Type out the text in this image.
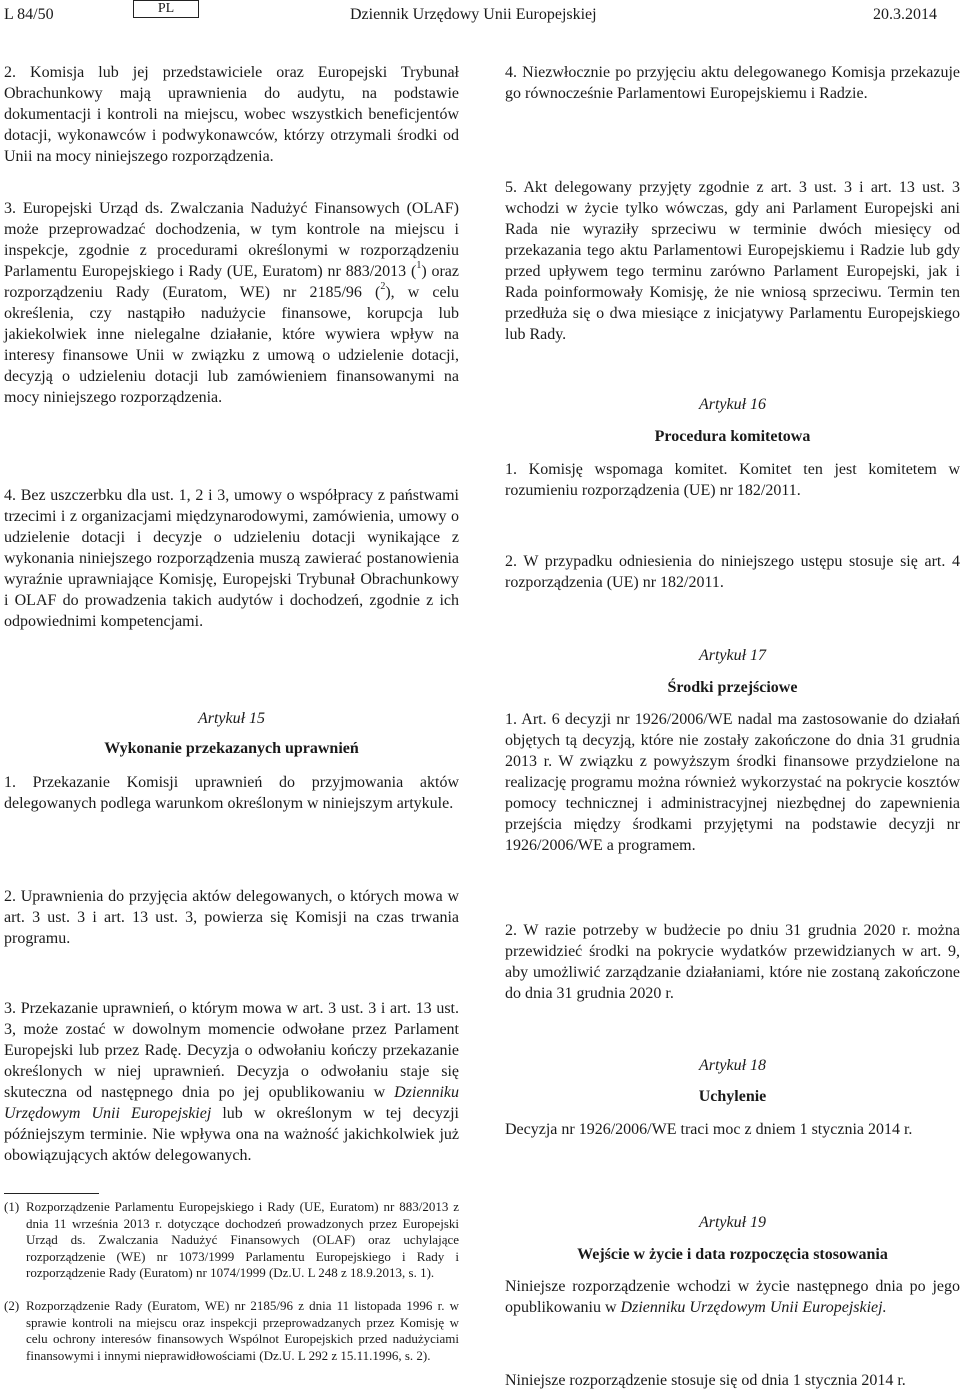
L 84/50	PL	Dziennik Urzędowy Unii Europejskiej	20.3.2014

2. Komisja lub jej przedstawiciele oraz Europejski Trybunał Obrachunkowy mają uprawnienia do audytu, na podstawie dokumentacji i kontroli na miejscu, wobec wszystkich beneficjentów dotacji, wykonawców i podwykonawców, którzy otrzymali środki od Unii na mocy niniejszego rozporządzenia.

3. Europejski Urząd ds. Zwalczania Nadużyć Finansowych (OLAF) może przeprowadzać dochodzenia, w tym kontrole na miejscu i inspekcje, zgodnie z procedurami określonymi w rozporządzeniu Parlamentu Europejskiego i Rady (UE, Euratom) nr 883/2013 ($^1$) oraz rozporządzeniu Rady (Euratom, WE) nr 2185/96 ($^2$), w celu określenia, czy nastąpiło nadużycie finansowe, korupcja lub jakiekolwiek inne nielegalne działanie, które wywiera wpływ na interesy finansowe Unii w związku z umową o udzielenie dotacji, decyzją o udzieleniu dotacji lub zamówieniem finansowanymi na mocy niniejszego rozporządzenia.

4. Bez uszczerbku dla ust. 1, 2 i 3, umowy o współpracy z państwami trzecimi i z organizacjami międzynarodowymi, zamówienia, umowy o udzielenie dotacji i decyzje o udzieleniu dotacji wynikające z wykonania niniejszego rozporządzenia muszą zawierać postanowienia wyraźnie uprawniające Komisję, Europejski Trybunał Obrachunkowy i OLAF do prowadzenia takich audytów i dochodzeń, zgodnie z ich odpowiednimi kompetencjami.

Artykuł 15
Wykonanie przekazanych uprawnień

1. Przekazanie Komisji uprawnień do przyjmowania aktów delegowanych podlega warunkom określonym w niniejszym artykule.

2. Uprawnienia do przyjęcia aktów delegowanych, o których mowa w art. 3 ust. 3 i art. 13 ust. 3, powierza się Komisji na czas trwania programu.

3. Przekazanie uprawnień, o którym mowa w art. 3 ust. 3 i art. 13 ust. 3, może zostać w dowolnym momencie odwołane przez Parlament Europejski lub przez Radę. Decyzja o odwołaniu kończy przekazanie określonych w niej uprawnień. Decyzja o odwołaniu staje się skuteczna od następnego dnia po jej opublikowaniu w Dzienniku Urzędowym Unii Europejskiej lub w określonym w tej decyzji późniejszym terminie. Nie wpływa ona na ważność jakichkolwiek już obowiązujących aktów delegowanych.

(1) Rozporządzenie Parlamentu Europejskiego i Rady (UE, Euratom) nr 883/2013 z dnia 11 września 2013 r. dotyczące dochodzeń prowadzonych przez Europejski Urząd ds. Zwalczania Nadużyć Finansowych (OLAF) oraz uchylające rozporządzenie (WE) nr 1073/1999 Parlamentu Europejskiego i Rady i rozporządzenie Rady (Euratom) nr 1074/1999 (Dz.U. L 248 z 18.9.2013, s. 1).
(2) Rozporządzenie Rady (Euratom, WE) nr 2185/96 z dnia 11 listopada 1996 r. w sprawie kontroli na miejscu oraz inspekcji przeprowadzanych przez Komisję w celu ochrony interesów finansowych Wspólnot Europejskich przed nadużyciami finansowymi i innymi nieprawidłowościami (Dz.U. L 292 z 15.11.1996, s. 2).

4. Niezwłocznie po przyjęciu aktu delegowanego Komisja przekazuje go równocześnie Parlamentowi Europejskiemu i Radzie.

5. Akt delegowany przyjęty zgodnie z art. 3 ust. 3 i art. 13 ust. 3 wchodzi w życie tylko wówczas, gdy ani Parlament Europejski ani Rada nie wyraziły sprzeciwu w terminie dwóch miesięcy od przekazania tego aktu Parlamentowi Europejskiemu i Radzie lub gdy przed upływem tego terminu zarówno Parlament Europejski, jak i Rada poinformowały Komisję, że nie wniosą sprzeciwu. Termin ten przedłuża się o dwa miesiące z inicjatywy Parlamentu Europejskiego lub Rady.

Artykuł 16
Procedura komitetowa

1. Komisję wspomaga komitet. Komitet ten jest komitetem w rozumieniu rozporządzenia (UE) nr 182/2011.

2. W przypadku odniesienia do niniejszego ustępu stosuje się art. 4 rozporządzenia (UE) nr 182/2011.

Artykuł 17
Środki przejściowe

1. Art. 6 decyzji nr 1926/2006/WE nadal ma zastosowanie do działań objętych tą decyzją, które nie zostały zakończone do dnia 31 grudnia 2013 r. W związku z powyższym środki finansowe przydzielone na realizację programu można również wykorzystać na pokrycie kosztów pomocy technicznej i administracyjnej niezbędnej do zapewnienia przejścia między środkami przyjętymi na podstawie decyzji nr 1926/2006/WE a programem.

2. W razie potrzeby w budżecie po dniu 31 grudnia 2020 r. można przewidzieć środki na pokrycie wydatków przewidzianych w art. 9, aby umożliwić zarządzanie działaniami, które nie zostaną zakończone do dnia 31 grudnia 2020 r.

Artykuł 18
Uchylenie

Decyzja nr 1926/2006/WE traci moc z dniem 1 stycznia 2014 r.

Artykuł 19
Wejście w życie i data rozpoczęcia stosowania

Niniejsze rozporządzenie wchodzi w życie następnego dnia po jego opublikowaniu w Dzienniku Urzędowym Unii Europejskiej.

Niniejsze rozporządzenie stosuje się od dnia 1 stycznia 2014 r.
